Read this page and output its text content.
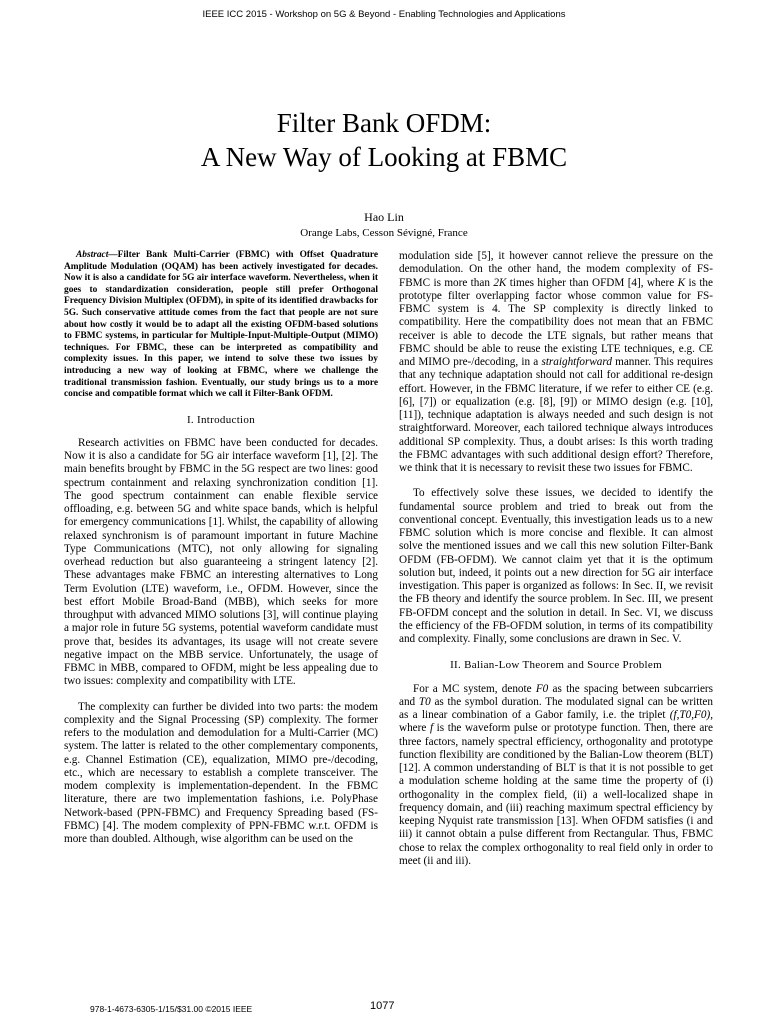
IEEE ICC 2015 - Workshop on 5G & Beyond - Enabling Technologies and Applications
Filter Bank OFDM:
A New Way of Looking at FBMC
Hao Lin
Orange Labs, Cesson Sévigné, France

Abstract—Filter Bank Multi-Carrier (FBMC) with Offset Quadrature Amplitude Modulation (OQAM) has been actively investigated for decades. Now it is also a candidate for 5G air interface waveform. Nevertheless, when it goes to standardization consideration, people still prefer Orthogonal Frequency Division Multiplex (OFDM), in spite of its identified drawbacks for 5G. Such conservative attitude comes from the fact that people are not sure about how costly it would be to adapt all the existing OFDM-based solutions to FBMC systems, in particular for Multiple-Input-Multiple-Output (MIMO) techniques. For FBMC, these can be interpreted as compatibility and complexity issues. In this paper, we intend to solve these two issues by introducing a new way of looking at FBMC, where we challenge the traditional transmission fashion. Eventually, our study brings us to a more concise and compatible format which we call it Filter-Bank OFDM.

I. Introduction

Research activities on FBMC have been conducted for decades. Now it is also a candidate for 5G air interface waveform [1], [2]. The main benefits brought by FBMC in the 5G respect are two lines: good spectrum containment and relaxing synchronization condition [1]. The good spectrum containment can enable flexible service offloading, e.g. between 5G and white space bands, which is helpful for emergency communications [1]. Whilst, the capability of allowing relaxed synchronism is of paramount important in future Machine Type Communications (MTC), not only allowing for signaling overhead reduction but also guaranteeing a stringent latency [2]. These advantages make FBMC an interesting alternatives to Long Term Evolution (LTE) waveform, i.e., OFDM. However, since the best effort Mobile Broad-Band (MBB), which seeks for more throughput with advanced MIMO solutions [3], will continue playing a major role in future 5G systems, potential waveform candidate must prove that, besides its advantages, its usage will not create severe negative impact on the MBB service. Unfortunately, the usage of FBMC in MBB, compared to OFDM, might be less appealing due to two issues: complexity and compatibility with LTE.

The complexity can further be divided into two parts: the modem complexity and the Signal Processing (SP) complexity. The former refers to the modulation and demodulation for a Multi-Carrier (MC) system. The latter is related to the other complementary components, e.g. Channel Estimation (CE), equalization, MIMO pre-/decoding, etc., which are necessary to establish a complete transceiver. The modem complexity is implementation-dependent. In the FBMC literature, there are two implementation fashions, i.e. PolyPhase Network-based (PPN-FBMC) and Frequency Spreading based (FS-FBMC) [4]. The modem complexity of PPN-FBMC w.r.t. OFDM is more than doubled. Although, wise algorithm can be used on the

modulation side [5], it however cannot relieve the pressure on the demodulation. On the other hand, the modem complexity of FS-FBMC is more than 2K times higher than OFDM [4], where K is the prototype filter overlapping factor whose common value for FS-FBMC system is 4. The SP complexity is directly linked to compatibility. Here the compatibility does not mean that an FBMC receiver is able to decode the LTE signals, but rather means that FBMC should be able to reuse the existing LTE techniques, e.g. CE and MIMO pre-/decoding, in a straightforward manner. This requires that any technique adaptation should not call for additional re-design effort. However, in the FBMC literature, if we refer to either CE (e.g. [6], [7]) or equalization (e.g. [8], [9]) or MIMO design (e.g. [10], [11]), technique adaptation is always needed and such design is not straightforward. Moreover, each tailored technique always introduces additional SP complexity. Thus, a doubt arises: Is this worth trading the FBMC advantages with such additional design effort? Therefore, we think that it is necessary to revisit these two issues for FBMC.

To effectively solve these issues, we decided to identify the fundamental source problem and tried to break out from the conventional concept. Eventually, this investigation leads us to a new FBMC solution which is more concise and flexible. It can almost solve the mentioned issues and we call this new solution Filter-Bank OFDM (FB-OFDM). We cannot claim yet that it is the optimum solution but, indeed, it points out a new direction for 5G air interface investigation. This paper is organized as follows: In Sec. II, we revisit the FB theory and identify the source problem. In Sec. III, we present FB-OFDM concept and the solution in detail. In Sec. VI, we discuss the efficiency of the FB-OFDM solution, in terms of its compatibility and complexity. Finally, some conclusions are drawn in Sec. V.

II. Balian-Low Theorem and Source Problem

For a MC system, denote F0 as the spacing between subcarriers and T0 as the symbol duration. The modulated signal can be written as a linear combination of a Gabor family, i.e. the triplet (f,T0,F0), where f is the waveform pulse or prototype function. Then, there are three factors, namely spectral efficiency, orthogonality and prototype function flexibility are conditioned by the Balian-Low theorem (BLT) [12]. A common understanding of BLT is that it is not possible to get a modulation scheme holding at the same time the property of (i) orthogonality in the complex field, (ii) a well-localized shape in frequency domain, and (iii) reaching maximum spectral efficiency by keeping Nyquist rate transmission [13]. When OFDM satisfies (i and iii) it cannot obtain a pulse different from Rectangular. Thus, FBMC chose to relax the complex orthogonality to real field only in order to meet (ii and iii).

978-1-4673-6305-1/15/$31.00 ©2015 IEEE	1077
